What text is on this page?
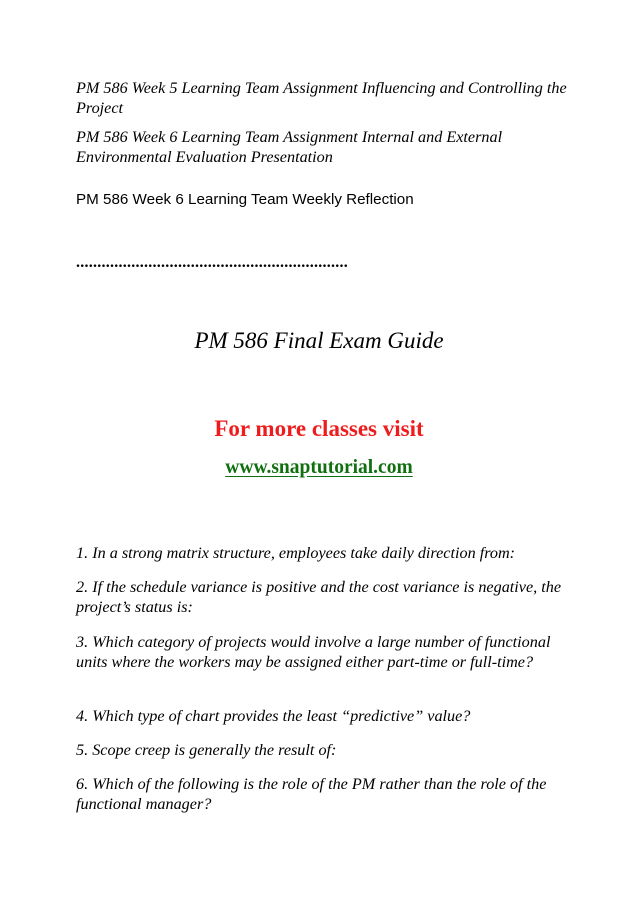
PM 586 Week 5 Learning Team Assignment Influencing and Controlling the Project

PM 586 Week 6 Learning Team Assignment Internal and External Environmental Evaluation Presentation

PM 586 Week 6 Learning Team Weekly Reflection

................................................................
PM 586 Final Exam Guide
For more classes visit
www.snaptutorial.com

1. In a strong matrix structure, employees take daily direction from:

2. If the schedule variance is positive and the cost variance is negative, the project’s status is:

3. Which category of projects would involve a large number of functional units where the workers may be assigned either part-time or full-time?

4. Which type of chart provides the least “predictive” value?

5. Scope creep is generally the result of:

6. Which of the following is the role of the PM rather than the role of the functional manager?
